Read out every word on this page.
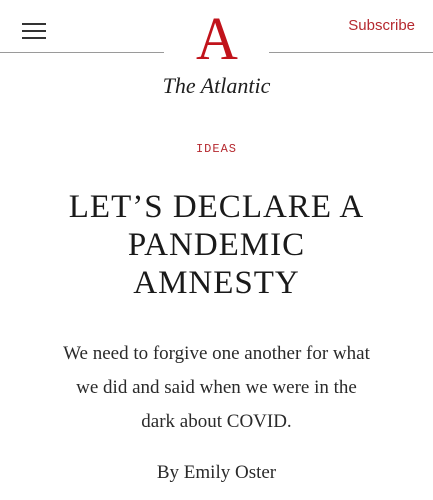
A	Subscribe
The Atlantic
IDEAS
LET’S DECLARE A
PANDEMIC
AMNESTY

We need to forgive one another for what
we did and said when we were in the
dark about COVID.

By Emily Oster
